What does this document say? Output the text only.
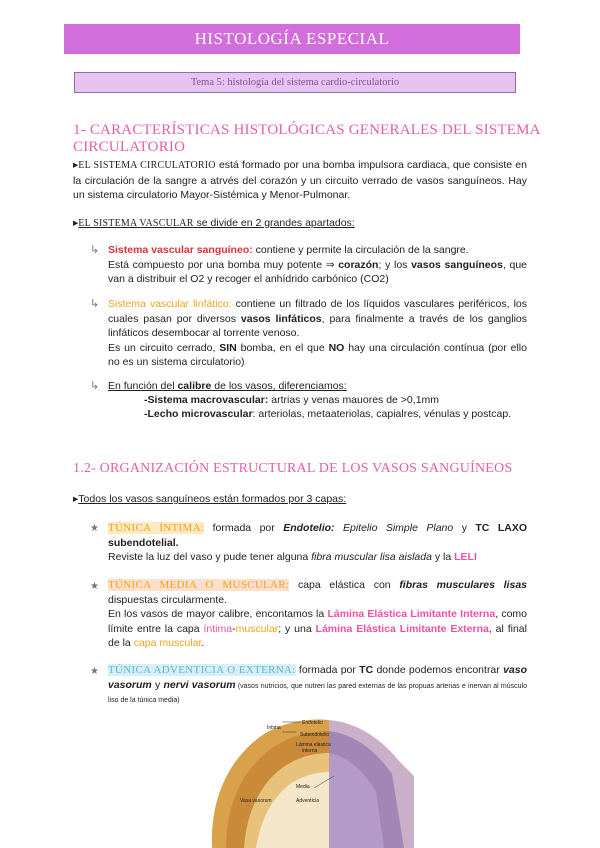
HISTOLOGÍA ESPECIAL
Tema 5: histología del sistema cardio-circulatorio
1- CARACTERÍSTICAS HISTOLÓGICAS GENERALES DEL SISTEMA CIRCULATORIO
▸EL SISTEMA CIRCULATORIO está formado por una bomba impulsora cardiaca, que consiste en la circulación de la sangre a atrvés del corazón y un circuito verrado de vasos sanguíneos. Hay un sistema circulatorio Mayor-Sistémica y Menor-Pulmonar.
▸EL SISTEMA VASCULAR se divide en 2 grandes apartados:
↳ Sistema vascular sanguíneo: contiene y permite la circulación de la sangre.
Está compuesto por una bomba muy potente ⇒ corazón; y los vasos sanguíneos, que van a distribuir el O2 y recoger el anhídrido carbónico (CO2)
↳ Sistema vascular linfático: contiene un filtrado de los líquidos vasculares periféricos, los cuales pasan por diversos vasos linfáticos, para finalmente a través de los ganglios linfáticos desembocar al torrente venoso.
Es un circuito cerrado, SIN bomba, en el que NO hay una circulación contínua (por ello no es un sistema circulatorio)
↳ En función del calibre de los vasos, diferenciamos:
-Sistema macrovascular: artrias y venas mauores de >0,1mm
-Lecho microvascular: arteriolas, metaateriolas, capialres, vénulas y postcap.
1.2- ORGANIZACIÓN ESTRUCTURAL DE LOS VASOS SANGUÍNEOS
▸Todos los vasos sanguíneos están formados por 3 capas:
★ TÚNICA ÍNTIMA: formada por Endotelio: Epitelio Simple Plano y TC LAXO subendotelial.
Reviste la luz del vaso y pude tener alguna fibra muscular lisa aislada y la LELI
★ TÚNICA MEDIA O MUSCULAR: capa elástica con fibras musculares lisas dispuestas circularmente.
En los vasos de mayor calibre, encontamos la Lámina Elástica Limitante Interna, como límite entre la capa íntima-muscular; y una Lámina Elástica Limitante Externa, al final de la capa muscular.
★ TÚNICA ADVENTICIA O EXTERNA: formada por TC donde podemos encontrar vaso vasorum y nervi vasorum (vasos nutricios, que nutren las pared externas de las propuas arterias e inervan al músculo liso de la túnica media)
Endotelio
Íntima
Subendotelio
Lámina elástica
interna
Media
Vasa vasorum	Adventicia
